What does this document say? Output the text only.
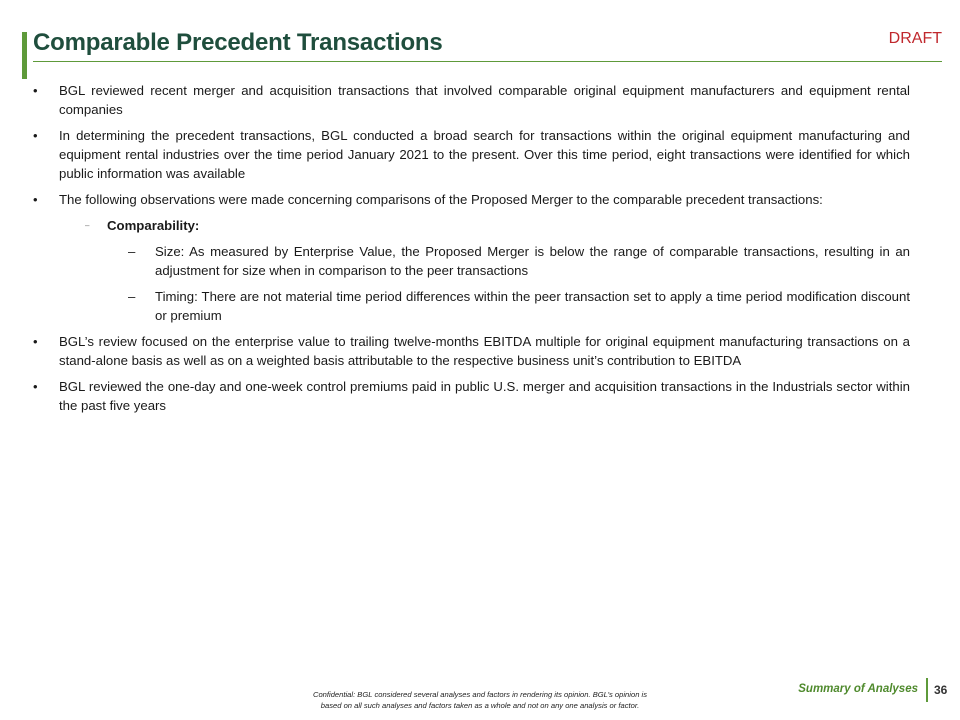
Comparable Precedent Transactions	DRAFT
• BGL reviewed recent merger and acquisition transactions that involved comparable original equipment manufacturers and equipment rental companies
• In determining the precedent transactions, BGL conducted a broad search for transactions within the original equipment manufacturing and equipment rental industries over the time period January 2021 to the present. Over this time period, eight transactions were identified for which public information was available
• The following observations were made concerning comparisons of the Proposed Merger to the comparable precedent transactions:
– Comparability:
– Size: As measured by Enterprise Value, the Proposed Merger is below the range of comparable transactions, resulting in an adjustment for size when in comparison to the peer transactions
– Timing: There are not material time period differences within the peer transaction set to apply a time period modification discount or premium
• BGL’s review focused on the enterprise value to trailing twelve-months EBITDA multiple for original equipment manufacturing transactions on a stand-alone basis as well as on a weighted basis attributable to the respective business unit’s contribution to EBITDA
• BGL reviewed the one-day and one-week control premiums paid in public U.S. merger and acquisition transactions in the Industrials sector within the past five years
Confidential: BGL considered several analyses and factors in rendering its opinion. BGL’s opinion is
based on all such analyses and factors taken as a whole and not on any one analysis or factor.
Summary of Analyses 36
